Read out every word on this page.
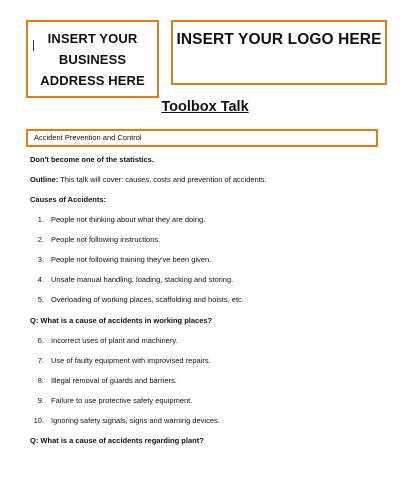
INSERT YOUR
BUSINESS
ADDRESS HERE
INSERT YOUR LOGO HERE
Toolbox Talk
Accident Prevention and Control
Don't become one of the statistics.
Outline: This talk will cover: causes, costs and prevention of accidents.
Causes of Accidents:
1. People not thinking about what they are doing.
2. People not following instructions.
3. People not following training they've been given.
4. Unsafe manual handling, loading, stacking and storing.
5. Overloading of working places, scaffolding and hoists, etc.
Q: What is a cause of accidents in working places?
6. Incorrect uses of plant and machinery.
7. Use of faulty equipment with improvised repairs.
8. Illegal removal of guards and barriers.
9. Failure to use protective safety equipment.
10. Ignoring safety signals, signs and warning devices.
Q: What is a cause of accidents regarding plant?
